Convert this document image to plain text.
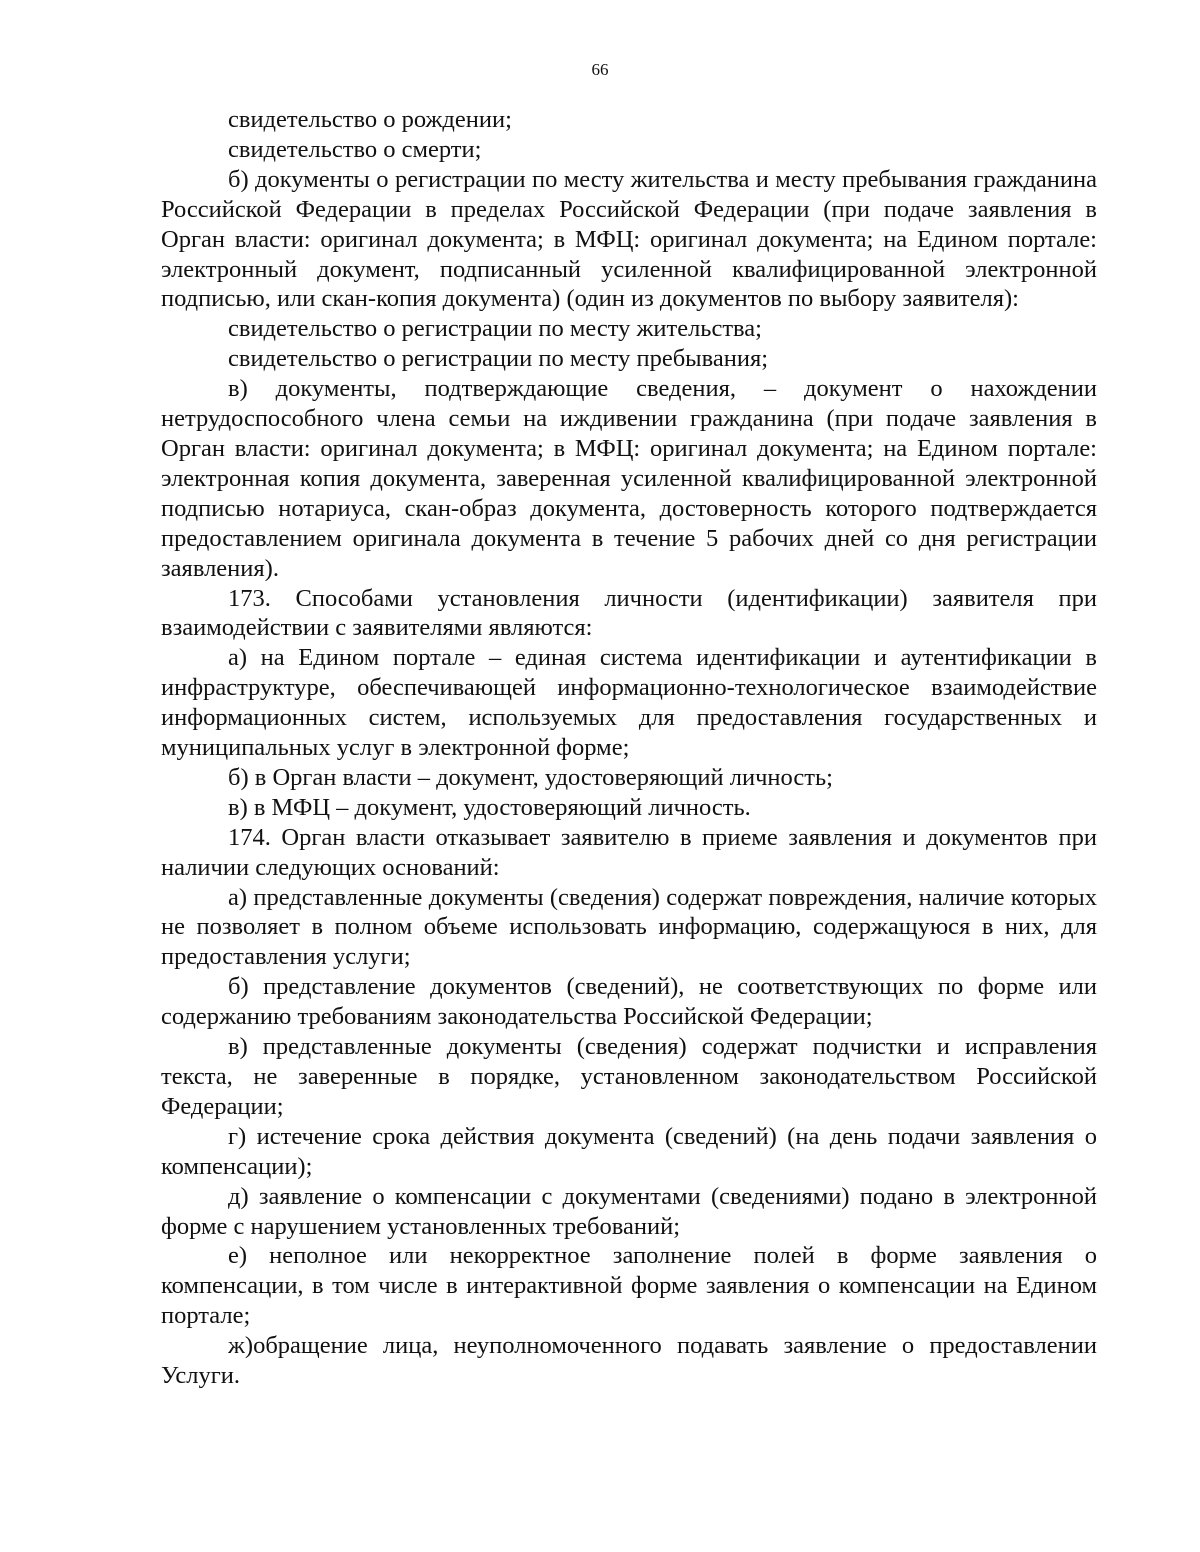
66

свидетельство о рождении;

свидетельство о смерти;

б) документы о регистрации по месту жительства и месту пребывания гражданина Российской Федерации в пределах Российской Федерации (при подаче заявления в Орган власти: оригинал документа; в МФЦ: оригинал документа; на Едином портале: электронный документ, подписанный усиленной квалифицированной электронной подписью, или скан-копия документа) (один из документов по выбору заявителя):

свидетельство о регистрации по месту жительства;

свидетельство о регистрации по месту пребывания;

в) документы, подтверждающие сведения, – документ о нахождении нетрудоспособного члена семьи на иждивении гражданина (при подаче заявления в Орган власти: оригинал документа; в МФЦ: оригинал документа; на Едином портале: электронная копия документа, заверенная усиленной квалифицированной электронной подписью нотариуса, скан-образ документа, достоверность которого подтверждается предоставлением оригинала документа в течение 5 рабочих дней со дня регистрации заявления).

173. Способами установления личности (идентификации) заявителя при взаимодействии с заявителями являются:

а) на Едином портале – единая система идентификации и аутентификации в инфраструктуре, обеспечивающей информационно-технологическое взаимодействие информационных систем, используемых для предоставления государственных и муниципальных услуг в электронной форме;

б) в Орган власти – документ, удостоверяющий личность;

в) в МФЦ – документ, удостоверяющий личность.

174. Орган власти отказывает заявителю в приеме заявления и документов при наличии следующих оснований:

а) представленные документы (сведения) содержат повреждения, наличие которых не позволяет в полном объеме использовать информацию, содержащуюся в них, для предоставления услуги;

б) представление документов (сведений), не соответствующих по форме или содержанию требованиям законодательства Российской Федерации;

в) представленные документы (сведения) содержат подчистки и исправления текста, не заверенные в порядке, установленном законодательством Российской Федерации;

г) истечение срока действия документа (сведений) (на день подачи заявления о компенсации);

д) заявление о компенсации с документами (сведениями) подано в электронной форме с нарушением установленных требований;

е) неполное или некорректное заполнение полей в форме заявления о компенсации, в том числе в интерактивной форме заявления о компенсации на Едином портале;

ж)обращение лица, неуполномоченного подавать заявление о предоставлении Услуги.
